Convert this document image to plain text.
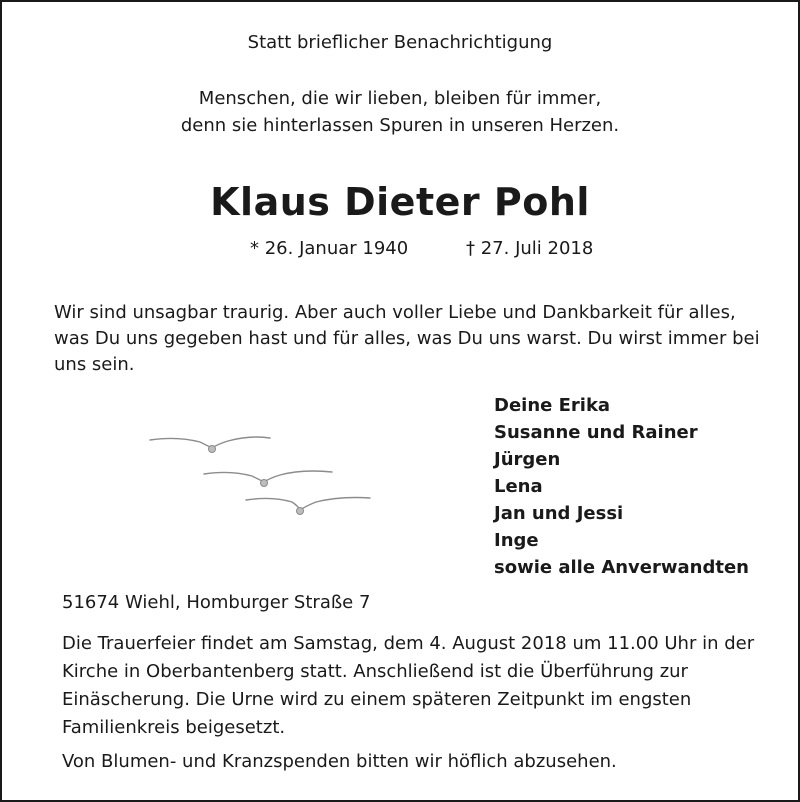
Statt brieflicher Benachrichtigung
Menschen, die wir lieben, bleiben für immer,
denn sie hinterlassen Spuren in unseren Herzen.
Klaus Dieter Pohl
* 26. Januar 1940	† 27. Juli 2018
Wir sind unsagbar traurig. Aber auch voller Liebe und Dankbarkeit für alles, was Du uns gegeben hast und für alles, was Du uns warst. Du wirst immer bei uns sein.
Deine Erika
Susanne und Rainer
Jürgen
Lena
Jan und Jessi
Inge
sowie alle Anverwandten
51674 Wiehl, Homburger Straße 7
Die Trauerfeier findet am Samstag, dem 4. August 2018 um 11.00 Uhr in der Kirche in Oberbantenberg statt. Anschließend ist die Überführung zur Einäscherung. Die Urne wird zu einem späteren Zeitpunkt im engsten Familienkreis beigesetzt.
Von Blumen- und Kranzspenden bitten wir höflich abzusehen.
